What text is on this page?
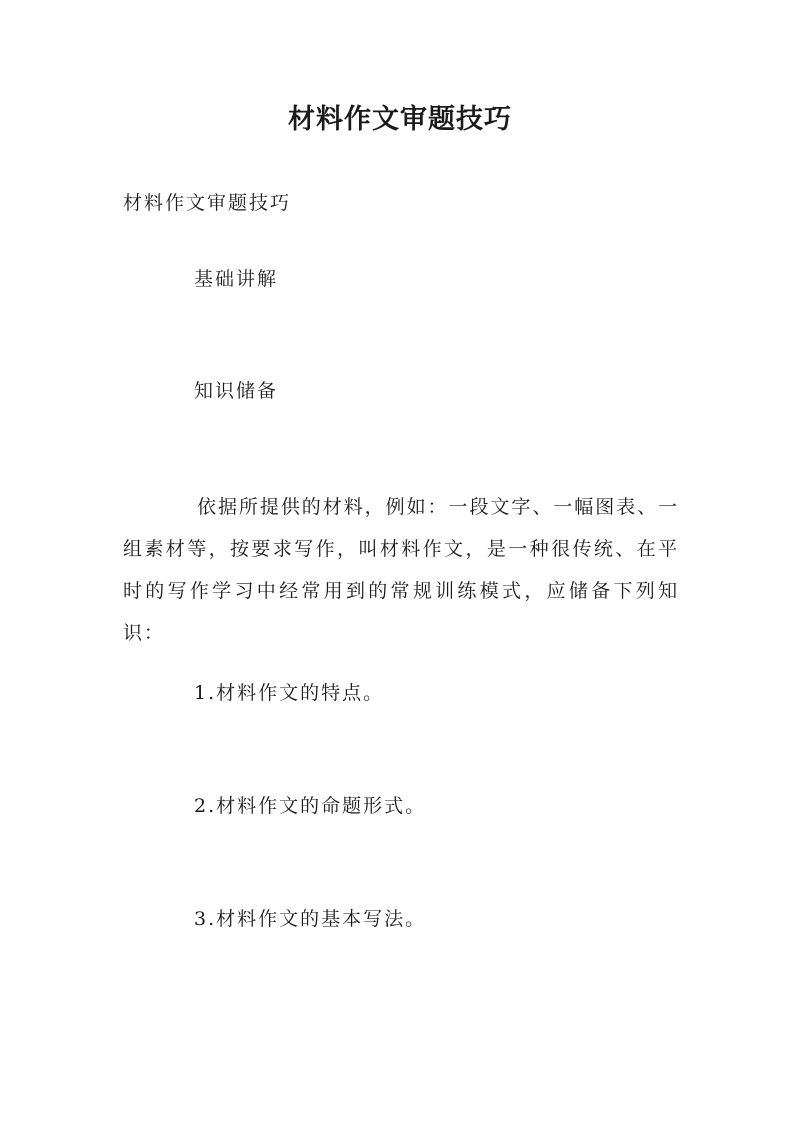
材料作文审题技巧

材料作文审题技巧

基础讲解

知识储备

依据所提供的材料，例如：一段文字、一幅图表、一组素材等，按要求写作，叫材料作文，是一种很传统、在平时的写作学习中经常用到的常规训练模式，应储备下列知识：

1.材料作文的特点。

2.材料作文的命题形式。

3.材料作文的基本写法。
